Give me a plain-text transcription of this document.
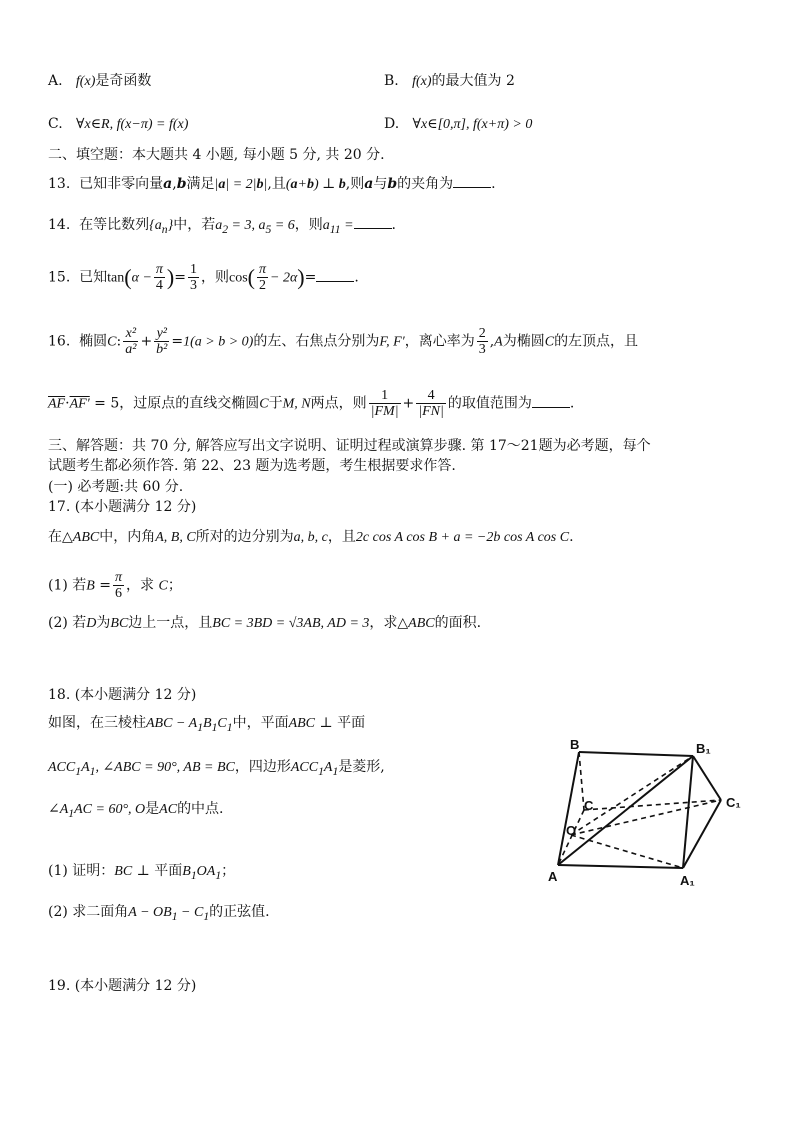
A. f(x)是奇函数	B. f(x)的最大值为 2
C. ∀x∈R, f(x−π) = f(x)	D. ∀x∈[0,π], f(x+π) > 0
二、填空题：本大题共 4 小题, 每小题 5 分, 共 20 分.
13. 已知非零向量a,b满足|a| = 2|b|,且(a+b) ⊥ b,则a与b的夹角为	.
14. 在等比数列$\{a_n\}$中，若$a_2 = 3$, $a_5 = 6$，则$a_{11}$ =	.
15. 已知$\tan(\alpha - \frac{\pi}{4}$ )= $\frac{1}{3}$ ，则$\cos( \frac{\pi}{2} - 2\alpha)=$	.
16. 椭圆C: $\frac{\text{x²}}{\text{a²}} + \frac{\text{y²}}{\text{b²}} =1(a > b > 0)$的左、右焦点分别为F, F′，离心率为 $\frac{2}{3} ,A$为椭圆C的左顶点，且
$\overline{AF}\cdot AF' = 5$，过原点的直线交椭圆C于M, N两点，则 $\frac{1}{|FM|} + \frac{4}{|FN|}$ 的取值范围为	.
三、解答题：共 70 分, 解答应写出文字说明、证明过程或演算步骤. 第 17～21题为必考题，每个
试题考生都必须作答. 第 22、23 题为选考题，考生根据要求作答.
(一) 必考题:共 60 分.
17. (本小题满分 12 分)
在△ABC中，内角A, B, C所对的边分别为a, b, c，且2c cos A cos B + a = −2b cos A cos C.
(1) 若$B = \frac{\pi}{6}$ ，求 C；
(2) 若D为BC边上一点，且BC = 3BD = √3AB, AD = 3，求△ABC的面积.
18. (本小题满分 12 分)
如图，在三棱柱ABC − $A_1B_1C_1$中，平面ABC ⊥ 平面
$ACC_1A_1$, ∠ABC = 90°, AB = BC，四边形$ACC_1A_1$是菱形,
$\angle A_1AC = 60^\circ$, O是AC的中点.
(1) 证明：BC ⊥ 平面$B_1OA_1$；
(2) 求二面角$A - OB_1 - C_1$的正弦值.
B	B₁
C	C₁
O
A	A₁
19. (本小题满分 12 分)
